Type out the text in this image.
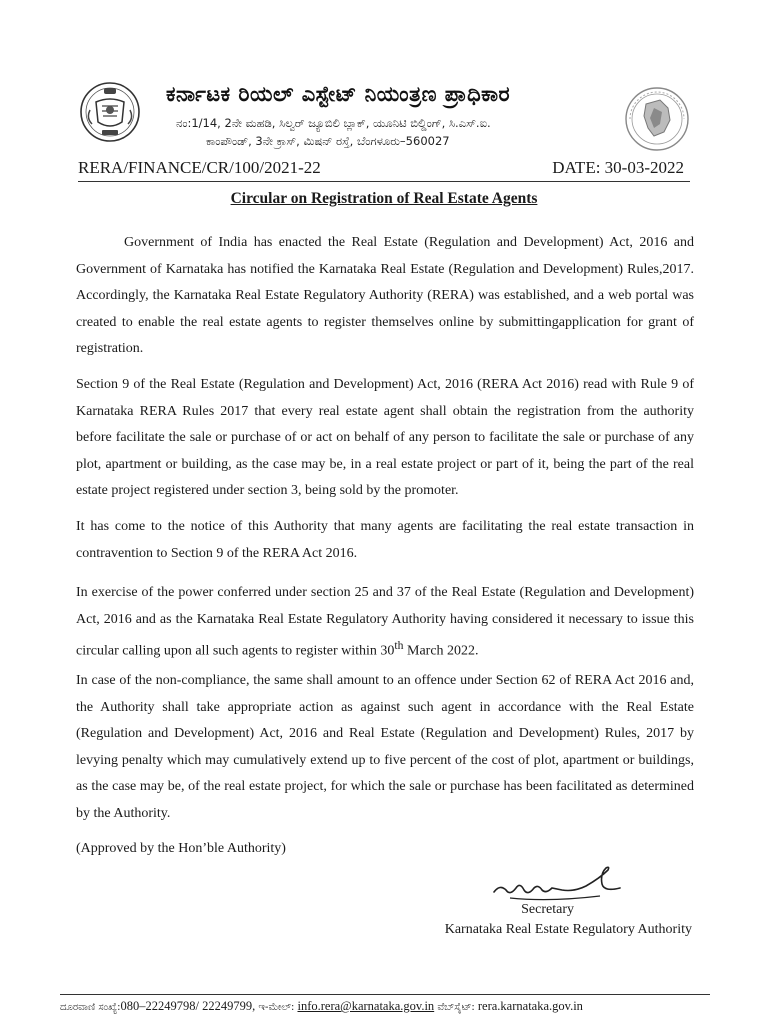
ಕರ್ನಾಟಕ ರಿಯಲ್ ಎಸ್ಟೇಟ್ ನಿಯಂತ್ರಣ ಪ್ರಾಧಿಕಾರ
ನಂ:1/14, 2ನೇ ಮಹಡಿ, ಸಿಲ್ವರ್ ಜ್ಯೂಬಿಲಿ ಬ್ಲಾಕ್, ಯೂನಿಟಿ ಬಿಲ್ಡಿಂಗ್, ಸಿ.ಎಸ್.ಐ.
ಕಾಂಪೌಂಡ್, 3ನೇ ಕ್ರಾಸ್, ಮಿಷನ್ ರಸ್ತೆ, ಬೆಂಗಳೂರು–560027
RERA/FINANCE/CR/100/2021-22	DATE: 30-03-2022
Circular on Registration of Real Estate Agents

Government of India has enacted the Real Estate (Regulation and Development) Act, 2016 and Government of Karnataka has notified the Karnataka Real Estate (Regulation and Development) Rules,2017. Accordingly, the Karnataka Real Estate Regulatory Authority (RERA) was established, and a web portal was created to enable the real estate agents to register themselves online by submittingapplication for grant of registration.

Section 9 of the Real Estate (Regulation and Development) Act, 2016 (RERA Act 2016) read with Rule 9 of Karnataka RERA Rules 2017 that every real estate agent shall obtain the registration from the authority before facilitate the sale or purchase of or act on behalf of any person to facilitate the sale or purchase of any plot, apartment or building, as the case may be, in a real estate project or part of it, being the part of the real estate project registered under section 3, being sold by the promoter.

It has come to the notice of this Authority that many agents are facilitating the real estate transaction in contravention to Section 9 of the RERA Act 2016.

In exercise of the power conferred under section 25 and 37 of the Real Estate (Regulation and Development) Act, 2016 and as the Karnataka Real Estate Regulatory Authority having considered it necessary to issue this circular calling upon all such agents to register within 30th March 2022.

In case of the non-compliance, the same shall amount to an offence under Section 62 of RERA Act 2016 and, the Authority shall take appropriate action as against such agent in accordance with the Real Estate (Regulation and Development) Act, 2016 and Real Estate (Regulation and Development) Rules, 2017 by levying penalty which may cumulatively extend up to five percent of the cost of plot, apartment or buildings, as the case may be, of the real estate project, for which the sale or purchase has been facilitated as determined by the Authority.

(Approved by the Hon’ble Authority)

Secretary
Karnataka Real Estate Regulatory Authority
ದೂರವಾಣಿ ಸಂಖ್ಯೆ:080–22249798/ 22249799, ಇ-ಮೇಲ್: info.rera@karnataka.gov.in ವೆಬ್‌ಸೈಟ್: rera.karnataka.gov.in
